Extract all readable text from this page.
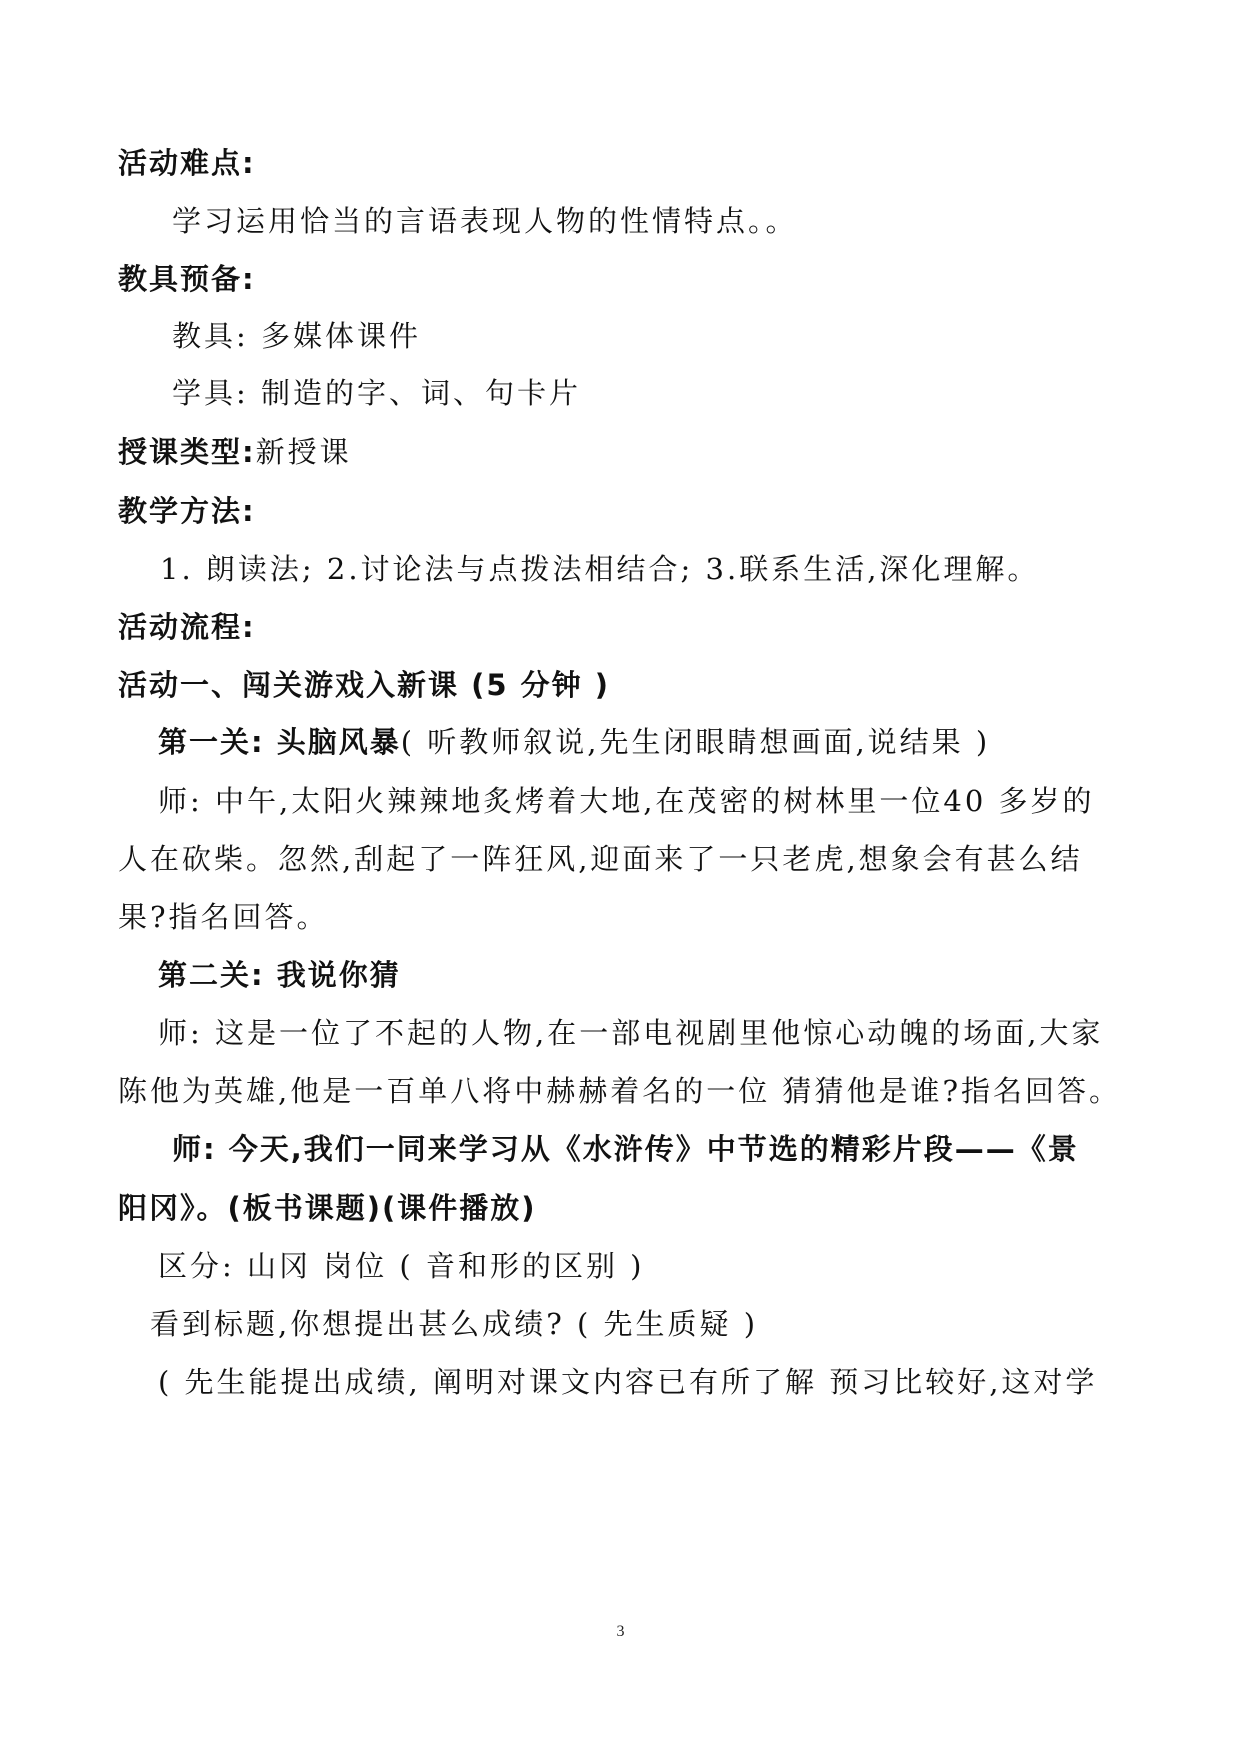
活动难点:
学习运用恰当的言语表现人物的性情特点。。
教具预备:
教具: 多媒体课件
学具: 制造的字、词、句卡片
授课类型:新授课
教学方法:
1. 朗读法; 2.讨论法与点拨法相结合; 3.联系生活,深化理解。
活动流程:
活动一、闯关游戏入新课 (5 分钟 )
第一关: 头脑风暴( 听教师叙说,先生闭眼睛想画面,说结果 )
师: 中午,太阳火辣辣地炙烤着大地,在茂密的树林里一位40 多岁的
人在砍柴。忽然,刮起了一阵狂风,迎面来了一只老虎,想象会有甚么结
果?指名回答。
第二关: 我说你猜
师: 这是一位了不起的人物,在一部电视剧里他惊心动魄的场面,大家
陈他为英雄,他是一百单八将中赫赫着名的一位 猜猜他是谁?指名回答。
师: 今天,我们一同来学习从《水浒传》中节选的精彩片段——《景
阳冈》。(板书课题)(课件播放)
区分: 山冈 岗位 ( 音和形的区别 )
看到标题,你想提出甚么成绩? ( 先生质疑 )
( 先生能提出成绩, 阐明对课文内容已有所了解 预习比较好,这对学
3
